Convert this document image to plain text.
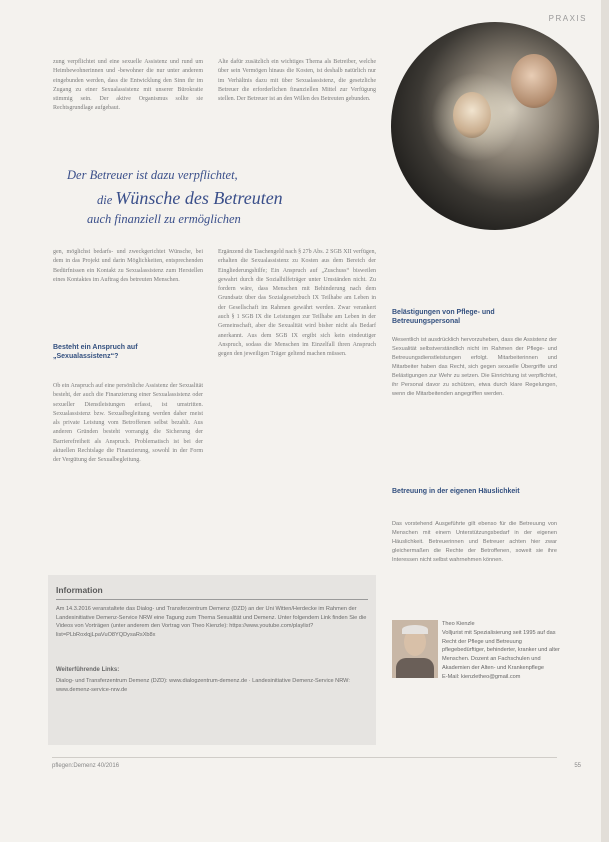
PRAXIS

zung verpflichtet und eine sexuelle Assistenz und rund um Heimbewohnerinnen und -bewohner die nur unter anderem eingebunden werden, dass die Entwicklung den Sinn ihr im Zugang zu einer Sexualassistenz mit unserer Bürokratie stimmig sein. Der aktive Organismus sollte sie Rechtsgrundlage aufgebaut.

Alte dafür zusätzlich ein wichtiges Thema als Betreiber, welche über sein Vermögen hinaus die Kosten, ist deshalb natürlich nur im Verhältnis dazu mit über Sexualassistenz, die gesetzliche Betreuer die erforderlichen finanziellen Mittel zur Verfügung stellen. Der Betreuer ist an den Willen des Betreuten gebunden.

Der Betreuer ist dazu verpflichtet,
die Wünsche des Betreuten
auch finanziell zu ermöglichen

gen, möglichst bedarfs- und zweckgerichtet Wünsche, bei dem in das Projekt und darin Möglichkeiten, entsprechenden Bedürfnissen ein Kontakt zu Sexualassistenz zum Herstellen eines Kontaktes im Auftrag des betreuten Menschen.

Ergänzend die Taschengeld nach § 27b Abs. 2 SGB XII verfügen, erhalten die Sexualassistenz zu Kosten aus dem Bereich der Eingliederungshilfe; Ein Anspruch auf „Zuschuss“ bisweilen gewahrt durch die Sozialhilfeträger unter Umständen nicht. Zu fordern wäre, dass Menschen mit Behinderung nach dem Grundsatz über das Sozialgesetzbuch IX Teilhabe am Leben in der Gesellschaft im Rahmen gewährt werden. Zwar verankert auch § 1 SGB IX die Leistungen zur Teilhabe am Leben in der Gemeinschaft, aber die Sexualität wird bisher nicht als Bedarf anerkannt. Aus dem SGB IX ergibt sich kein eindeutiger Anspruch, sodass die Menschen im Einzelfall ihren Anspruch gegen den jeweiligen Träger geltend machen müssen.

Besteht ein Anspruch auf „Sexualassistenz“?

Ob ein Anspruch auf eine persönliche Assistenz der Sexualität besteht, der auch die Finanzierung einer Sexualassistenz oder sexueller Dienstleistungen erfasst, ist umstritten. Sexualassistenz bzw. Sexualbegleitung werden daher meist als private Leistung vom Betroffenen selbst bezahlt. Aus anderen Gründen besteht vorrangig die Sicherung der Barrierefreiheit als Anspruch. Problematisch ist bei der aktuellen Rechtslage die Finanzierung, sowohl in der Form der Vergütung der Sexualbegleitung.

Belästigungen von Pflege- und Betreuungspersonal

Wesentlich ist ausdrücklich hervorzuheben, dass die Assistenz der Sexualität selbstverständlich nicht im Rahmen der Pflege- und Betreuungsdienstleistungen erfolgt. Mitarbeiterinnen und Mitarbeiter haben das Recht, sich gegen sexuelle Übergriffe und Belästigungen zur Wehr zu setzen. Die Einrichtung ist verpflichtet, ihr Personal davor zu schützen, etwa durch klare Regelungen, wenn die Mitarbeitenden angegriffen werden.

Betreuung in der eigenen Häuslichkeit

Das vorstehend Ausgeführte gilt ebenso für die Betreuung von Menschen mit einem Unterstützungsbedarf in der eigenen Häuslichkeit. Betreuerinnen und Betreuer achten hier zwar gleichermaßen die Rechte der Betroffenen, soweit sie ihre Interessen nicht selbst wahrnehmen können.

Information
Am 14.3.2016 veranstaltete das Dialog- und Transferzentrum Demenz (DZD) an der Uni Witten/Herdecke im Rahmen der Landesinitiative Demenz-Service NRW eine Tagung zum Thema Sexualität und Demenz. Unter folgendem Link finden Sie die Videos von Vorträgen (unter anderem den Vortrag von Theo Kienzle): https://www.youtube.com/playlist?list=PLbRoxlqjLpaVuO8YQDysaRsXb8x
Weiterführende Links:
Dialog- und Transferzentrum Demenz (DZD): www.dialogzentrum-demenz.de · Landesinitiative Demenz-Service NRW: www.demenz-service-nrw.de
Theo Kienzle
Volljurist mit Spezialisierung seit 1995 auf das Recht der Pflege und Betreuung pflegebedürftiger, behinderter, kranker und alter Menschen. Dozent an Fachschulen und Akademien der Alten- und Krankenpflege
E-Mail: kienzletheo@gmail.com
pflegen:Demenz 40/2016	55
